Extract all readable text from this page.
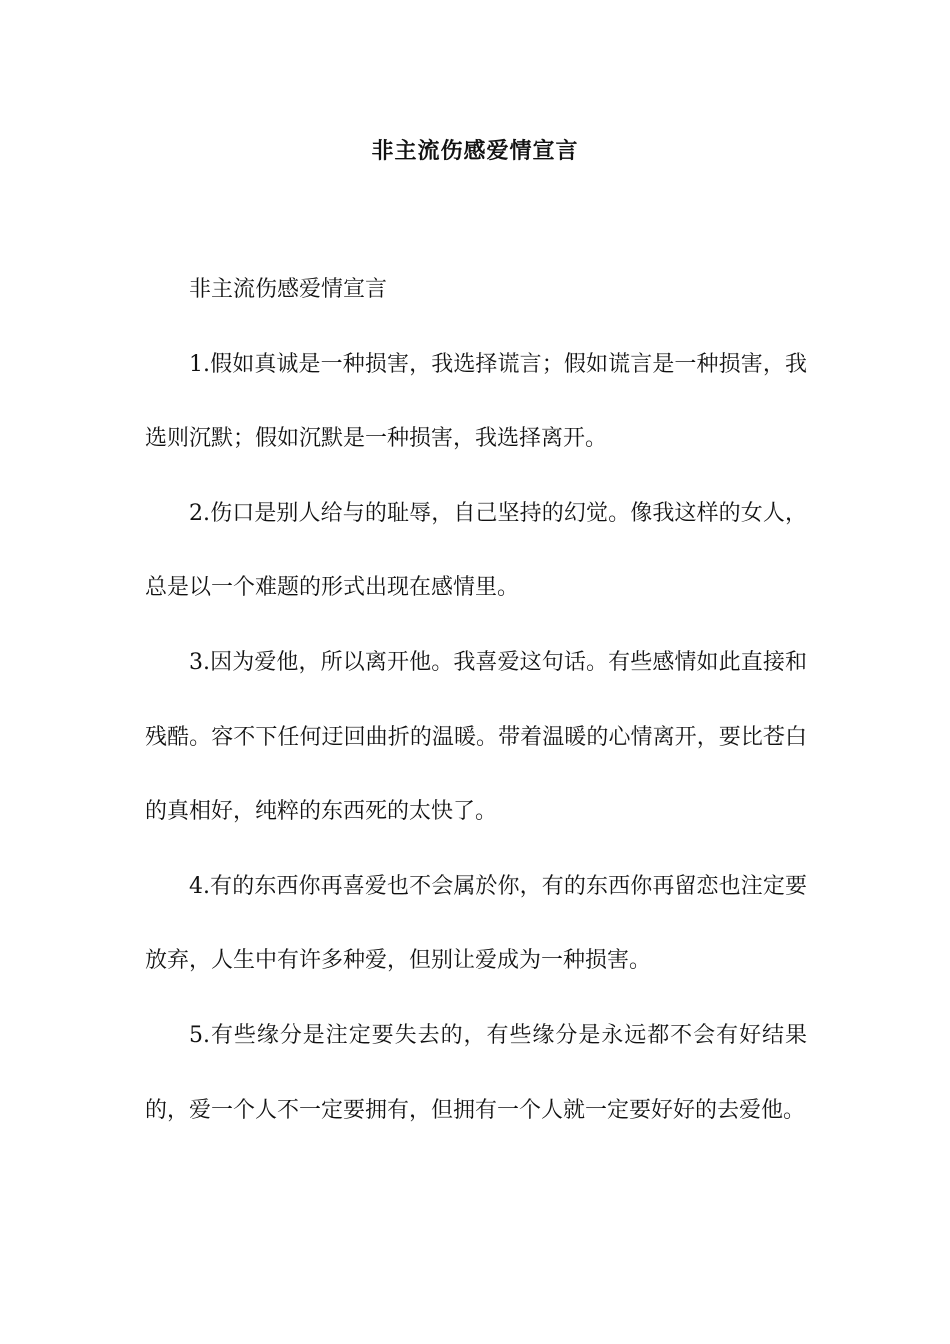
非主流伤感爱情宣言

非主流伤感爱情宣言

1.假如真诚是一种损害，我选择谎言；假如谎言是一种损害，我选则沉默；假如沉默是一种损害，我选择离开。

2.伤口是别人给与的耻辱，自己坚持的幻觉。像我这样的女人，总是以一个难题的形式出现在感情里。

3.因为爱他，所以离开他。我喜爱这句话。有些感情如此直接和残酷。容不下任何迂回曲折的温暖。带着温暖的心情离开，要比苍白的真相好，纯粹的东西死的太快了。

4.有的东西你再喜爱也不会属於你，有的东西你再留恋也注定要放弃，人生中有许多种爱，但别让爱成为一种损害。

5.有些缘分是注定要失去的，有些缘分是永远都不会有好结果的，爱一个人不一定要拥有，但拥有一个人就一定要好好的去爱他。
